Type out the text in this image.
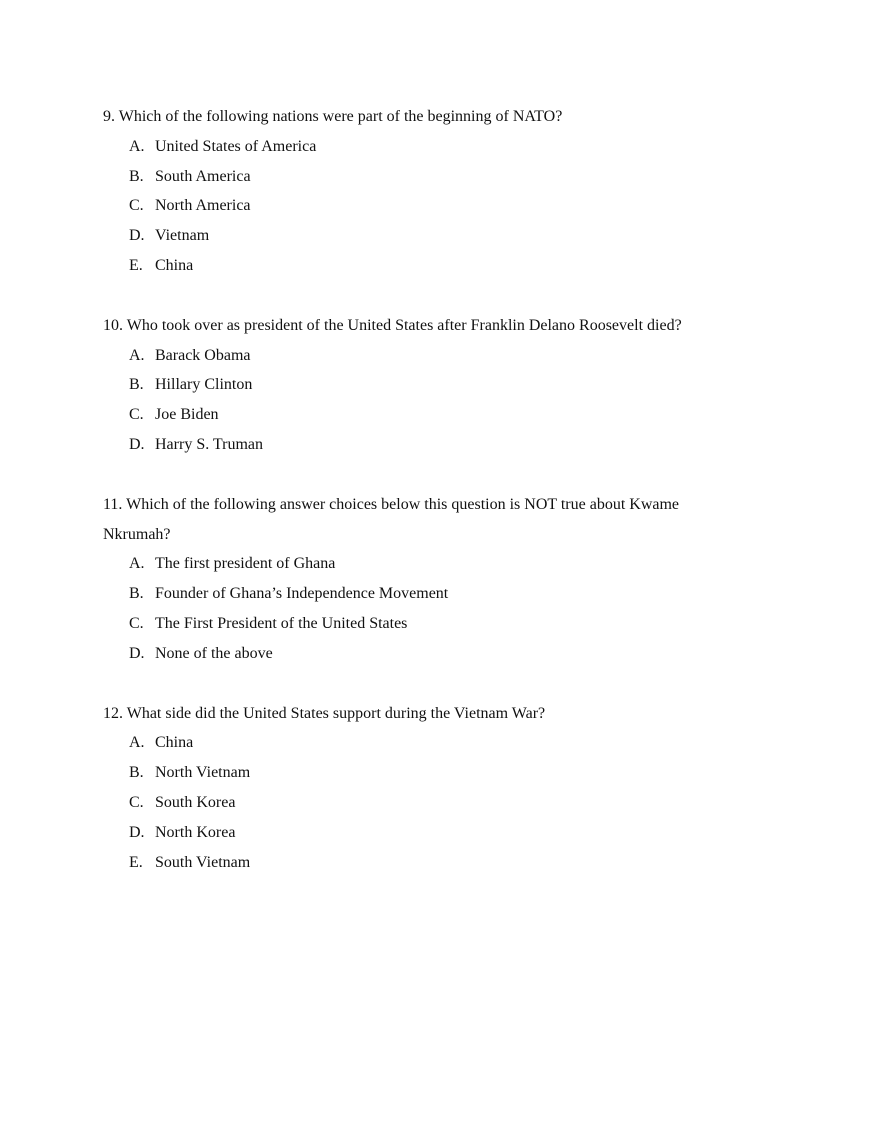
9. Which of the following nations were part of the beginning of NATO?

A. United States of America
B. South America
C. North America
D. Vietnam
E. China

10. Who took over as president of the United States after Franklin Delano Roosevelt died?

A. Barack Obama
B. Hillary Clinton
C. Joe Biden
D. Harry S. Truman

11. Which of the following answer choices below this question is NOT true about Kwame Nkrumah?

A. The first president of Ghana
B. Founder of Ghana’s Independence Movement
C. The First President of the United States
D. None of the above

12. What side did the United States support during the Vietnam War?

A. China
B. North Vietnam
C. South Korea
D. North Korea
E. South Vietnam
